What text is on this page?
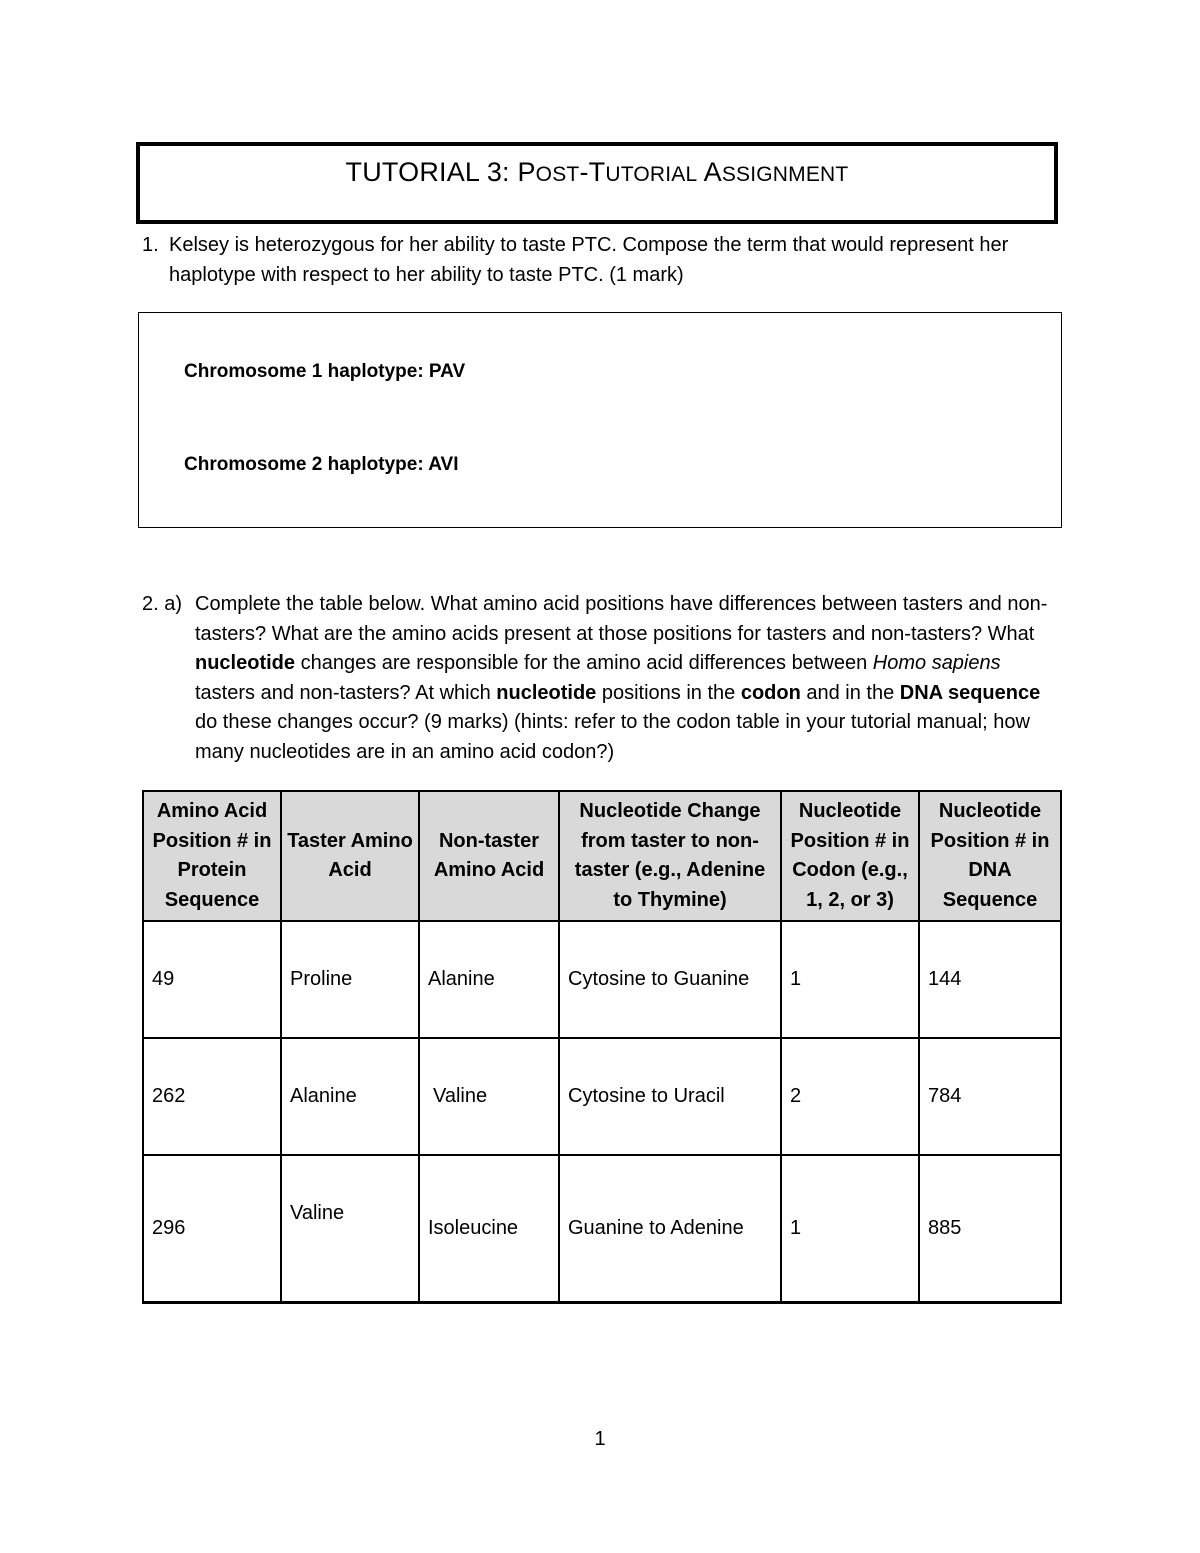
TUTORIAL 3: POST-TUTORIAL ASSIGNMENT
1. Kelsey is heterozygous for her ability to taste PTC. Compose the term that would represent her haplotype with respect to her ability to taste PTC. (1 mark)
Chromosome 1 haplotype: PAV
Chromosome 2 haplotype: AVI
2. a) Complete the table below. What amino acid positions have differences between tasters and non-tasters? What are the amino acids present at those positions for tasters and non-tasters? What nucleotide changes are responsible for the amino acid differences between Homo sapiens tasters and non-tasters? At which nucleotide positions in the codon and in the DNA sequence do these changes occur? (9 marks) (hints: refer to the codon table in your tutorial manual; how many nucleotides are in an amino acid codon?)
Amino Acid Position # in Protein Sequence	Taster Amino Acid	Non-taster Amino Acid	Nucleotide Change from taster to non-taster (e.g., Adenine to Thymine)	Nucleotide Position # in Codon (e.g., 1, 2, or 3)	Nucleotide Position # in DNA Sequence
49	Proline	Alanine	Cytosine to Guanine	1	144
262	Alanine	Valine	Cytosine to Uracil	2	784
296	Valine	Isoleucine	Guanine to Adenine	1	885
1
